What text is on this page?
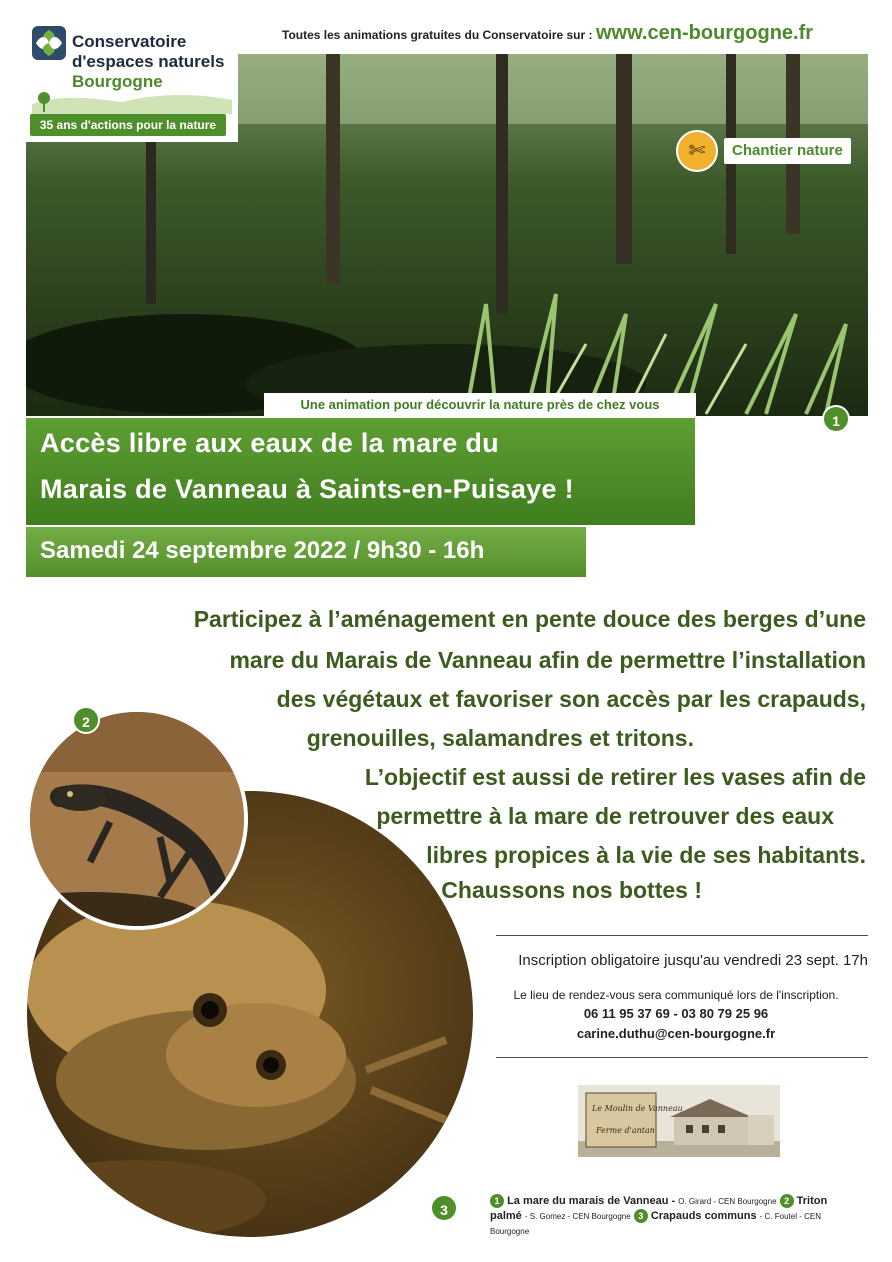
Conservatoire
d'espaces naturels
Bourgogne
35 ans d'actions pour la nature
Toutes les animations gratuites du Conservatoire sur : www.cen-bourgogne.fr
✄	Chantier nature
Une animation pour découvrir la nature près de chez vous
1
Accès libre aux eaux de la mare du
Marais de Vanneau à Saints-en-Puisaye !
Samedi 24 septembre 2022 / 9h30 - 16h
Participez à l’aménagement en pente douce des berges d’une
mare du Marais de Vanneau afin de permettre l’installation
des végétaux et favoriser son accès par les crapauds,
grenouilles, salamandres et tritons.
L’objectif est aussi de retirer les vases afin de
permettre à la mare de retrouver des eaux
libres propices à la vie de ses habitants.
Chaussons nos bottes !
2
3
Inscription obligatoire jusqu'au vendredi 23 sept. 17h
Le lieu de rendez-vous sera communiqué lors de l'inscription.
06 11 95 37 69 - 03 80 79 25 96
carine.duthu@cen-bourgogne.fr
Le Moulin de Vanneau
Ferme d'antan
1 La mare du marais de Vanneau - O. Girard - CEN Bourgogne 2 Triton
palmé - S. Gomez - CEN Bourgogne 3 Crapauds communs - C. Foutel - CEN
Bourgogne
